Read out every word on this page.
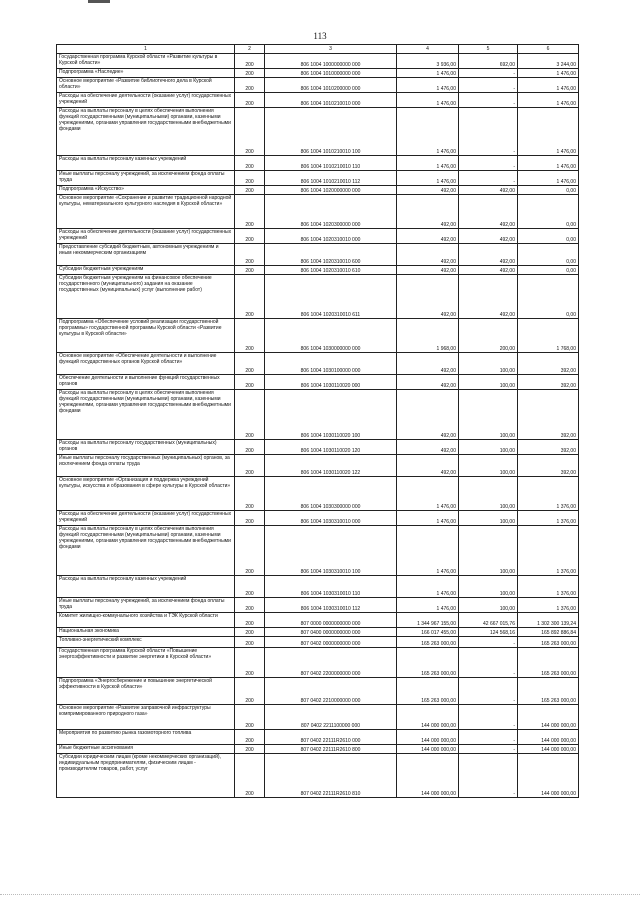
113
1	2	3	4	5	6
Государственная программа Курской области «Развитие культуры в Курской области»	200	806 1004 1000000000 000	3 936,00	692,00	3 244,00
Подпрограмма «Наследие»	200	806 1004 1010000000 000	1 476,00	-	1 476,00
Основное мероприятие «Развитие библиотечного дела в Курской области»	200	806 1004 1010200000 000	1 476,00	-	1 476,00
Расходы на обеспечение деятельности (оказание услуг) государственных учреждений	200	806 1004 1010210010 000	1 476,00	-	1 476,00
Расходы на выплаты персоналу в целях обеспечения выполнения функций государственными (муниципальными) органами, казенными учреждениями, органами управления государственными внебюджетными фондами	200	806 1004 1010210010 100	1 476,00	-	1 476,00
Расходы на выплаты персоналу казенных учреждений	200	806 1004 1010210010 110	1 476,00	-	1 476,00
Иные выплаты персоналу учреждений, за исключением фонда оплаты труда	200	806 1004 1010210010 112	1 476,00	-	1 476,00
Подпрограмма «Искусство»	200	806 1004 1020000000 000	492,00	492,00	0,00
Основное мероприятие «Сохранение и развитие традиционной народной культуры, нематериального культурного наследия в Курской области»	200	806 1004 1020300000 000	492,00	492,00	0,00
Расходы на обеспечение деятельности (оказание услуг) государственных учреждений	200	806 1004 1020310010 000	492,00	492,00	0,00
Предоставление субсидий бюджетным, автономным учреждениям и иным некоммерческим организациям	200	806 1004 1020310010 600	492,00	492,00	0,00
Субсидии бюджетным учреждениям	200	806 1004 1020310010 610	492,00	492,00	0,00
Субсидии бюджетным учреждениям на финансовое обеспечение государственного (муниципального) задания на оказание государственных (муниципальных) услуг (выполнение работ)	200	806 1004 1020310010 611	492,00	492,00	0,00
Подпрограмма «Обеспечение условий реализации государственной программы» государственной программы Курской области «Развитие культуры в Курской области»	200	806 1004 1030000000 000	1 968,00	200,00	1 768,00
Основное мероприятие «Обеспечение деятельности и выполнение функций государственных органов Курской области»	200	806 1004 1030100000 000	492,00	100,00	392,00
Обеспечение деятельности и выполнение функций государственных органов	200	806 1004 1030110020 000	492,00	100,00	392,00
Расходы на выплаты персоналу в целях обеспечения выполнения функций государственными (муниципальными) органами, казенными учреждениями, органами управления государственными внебюджетными фондами	200	806 1004 1030110020 100	492,00	100,00	392,00
Расходы на выплаты персоналу государственных (муниципальных) органов	200	806 1004 1030110020 120	492,00	100,00	392,00
Иные выплаты персоналу государственных (муниципальных) органов, за исключением фонда оплаты труда	200	806 1004 1030110020 122	492,00	100,00	392,00
Основное мероприятие «Организация и поддержка учреждений культуры, искусства и образования в сфере культуры в Курской области»	200	806 1004 1030300000 000	1 476,00	100,00	1 376,00
Расходы на обеспечение деятельности (оказание услуг) государственных учреждений	200	806 1004 1030310010 000	1 476,00	100,00	1 376,00
Расходы на выплаты персоналу в целях обеспечения выполнения функций государственными (муниципальными) органами, казенными учреждениями, органами управления государственными внебюджетными фондами	200	806 1004 1030310010 100	1 476,00	100,00	1 376,00
Расходы на выплаты персоналу казенных учреждений	200	806 1004 1030310010 110	1 476,00	100,00	1 376,00
Иные выплаты персоналу учреждений, за исключением фонда оплаты труда	200	806 1004 1030310010 112	1 476,00	100,00	1 376,00
Комитет жилищно-коммунального хозяйства и ТЭК Курской области	200	807 0000 0000000000 000	1 344 967 155,00	42 667 015,76	1 302 300 139,24
Национальная экономика	200	807 0400 0000000000 000	166 017 455,00	124 568,16	165 892 886,84
Топливно-энергетический комплекс	200	807 0402 0000000000 000	165 263 000,00	-	165 263 000,00
Государственная программа Курской области «Повышение энергоэффективности и развитие энергетики в Курской области»	200	807 0402 2200000000 000	165 263 000,00	-	165 263 000,00
Подпрограмма «Энергосбережение и повышение энергетической эффективности в Курской области»	200	807 0402 2210000000 000	165 263 000,00	-	165 263 000,00
Основное мероприятие «Развитие заправочной инфраструктуры компримированного природного газа»	200	807 0402 2211100000 000	144 000 000,00	-	144 000 000,00
Мероприятия по развитию рынка газомоторного топлива	200	807 0402 22111R2610 000	144 000 000,00	-	144 000 000,00
Иные бюджетные ассигнования	200	807 0402 22111R2610 800	144 000 000,00	-	144 000 000,00
Субсидии юридическим лицам (кроме некоммерческих организаций), индивидуальным предпринимателям, физическим лицам - производителям товаров, работ, услуг	200	807 0402 22111R2610 810	144 000 000,00	-	144 000 000,00
